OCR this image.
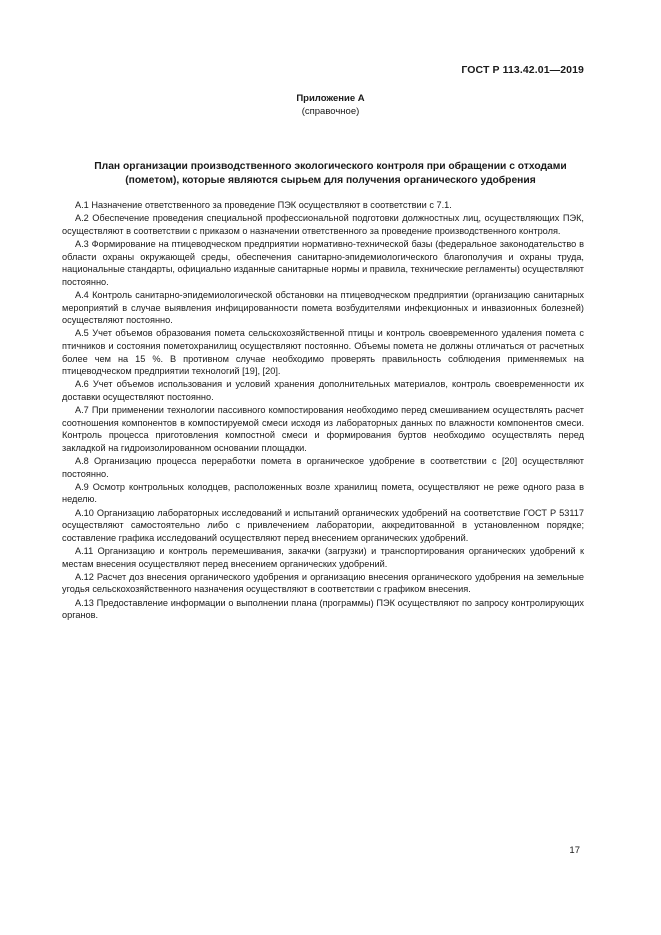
ГОСТ Р 113.42.01—2019
Приложение А
(справочное)
План организации производственного экологического контроля при обращении с отходами (пометом), которые являются сырьем для получения органического удобрения

А.1 Назначение ответственного за проведение ПЭК осуществляют в соответствии с 7.1.

А.2 Обеспечение проведения специальной профессиональной подготовки должностных лиц, осуществляющих ПЭК, осуществляют в соответствии с приказом о назначении ответственного за проведение производственного контроля.

А.3 Формирование на птицеводческом предприятии нормативно-технической базы (федеральное законодательство в области охраны окружающей среды, обеспечения санитарно-эпидемиологического благополучия и охраны труда, национальные стандарты, официально изданные санитарные нормы и правила, технические регламенты) осуществляют постоянно.

А.4 Контроль санитарно-эпидемиологической обстановки на птицеводческом предприятии (организацию санитарных мероприятий в случае выявления инфицированности помета возбудителями инфекционных и инвазионных болезней) осуществляют постоянно.

А.5 Учет объемов образования помета сельскохозяйственной птицы и контроль своевременного удаления помета с птичников и состояния пометохранилищ осуществляют постоянно. Объемы помета не должны отличаться от расчетных более чем на 15 %. В противном случае необходимо проверять правильность соблюдения применяемых на птицеводческом предприятии технологий [19], [20].

А.6 Учет объемов использования и условий хранения дополнительных материалов, контроль своевременности их доставки осуществляют постоянно.

А.7 При применении технологии пассивного компостирования необходимо перед смешиванием осуществлять расчет соотношения компонентов в компостируемой смеси исходя из лабораторных данных по влажности компонентов смеси. Контроль процесса приготовления компостной смеси и формирования буртов необходимо осуществлять перед закладкой на гидроизолированном основании площадки.

А.8 Организацию процесса переработки помета в органическое удобрение в соответствии с [20] осуществляют постоянно.

А.9 Осмотр контрольных колодцев, расположенных возле хранилищ помета, осуществляют не реже одного раза в неделю.

А.10 Организацию лабораторных исследований и испытаний органических удобрений на соответствие ГОСТ Р 53117 осуществляют самостоятельно либо с привлечением лаборатории, аккредитованной в установленном порядке; составление графика исследований осуществляют перед внесением органических удобрений.

А.11 Организацию и контроль перемешивания, закачки (загрузки) и транспортирования органических удобрений к местам внесения осуществляют перед внесением органических удобрений.

А.12 Расчет доз внесения органического удобрения и организацию внесения органического удобрения на земельные угодья сельскохозяйственного назначения осуществляют в соответствии с графиком внесения.

А.13 Предоставление информации о выполнении плана (программы) ПЭК осуществляют по запросу контролирующих органов.

17
